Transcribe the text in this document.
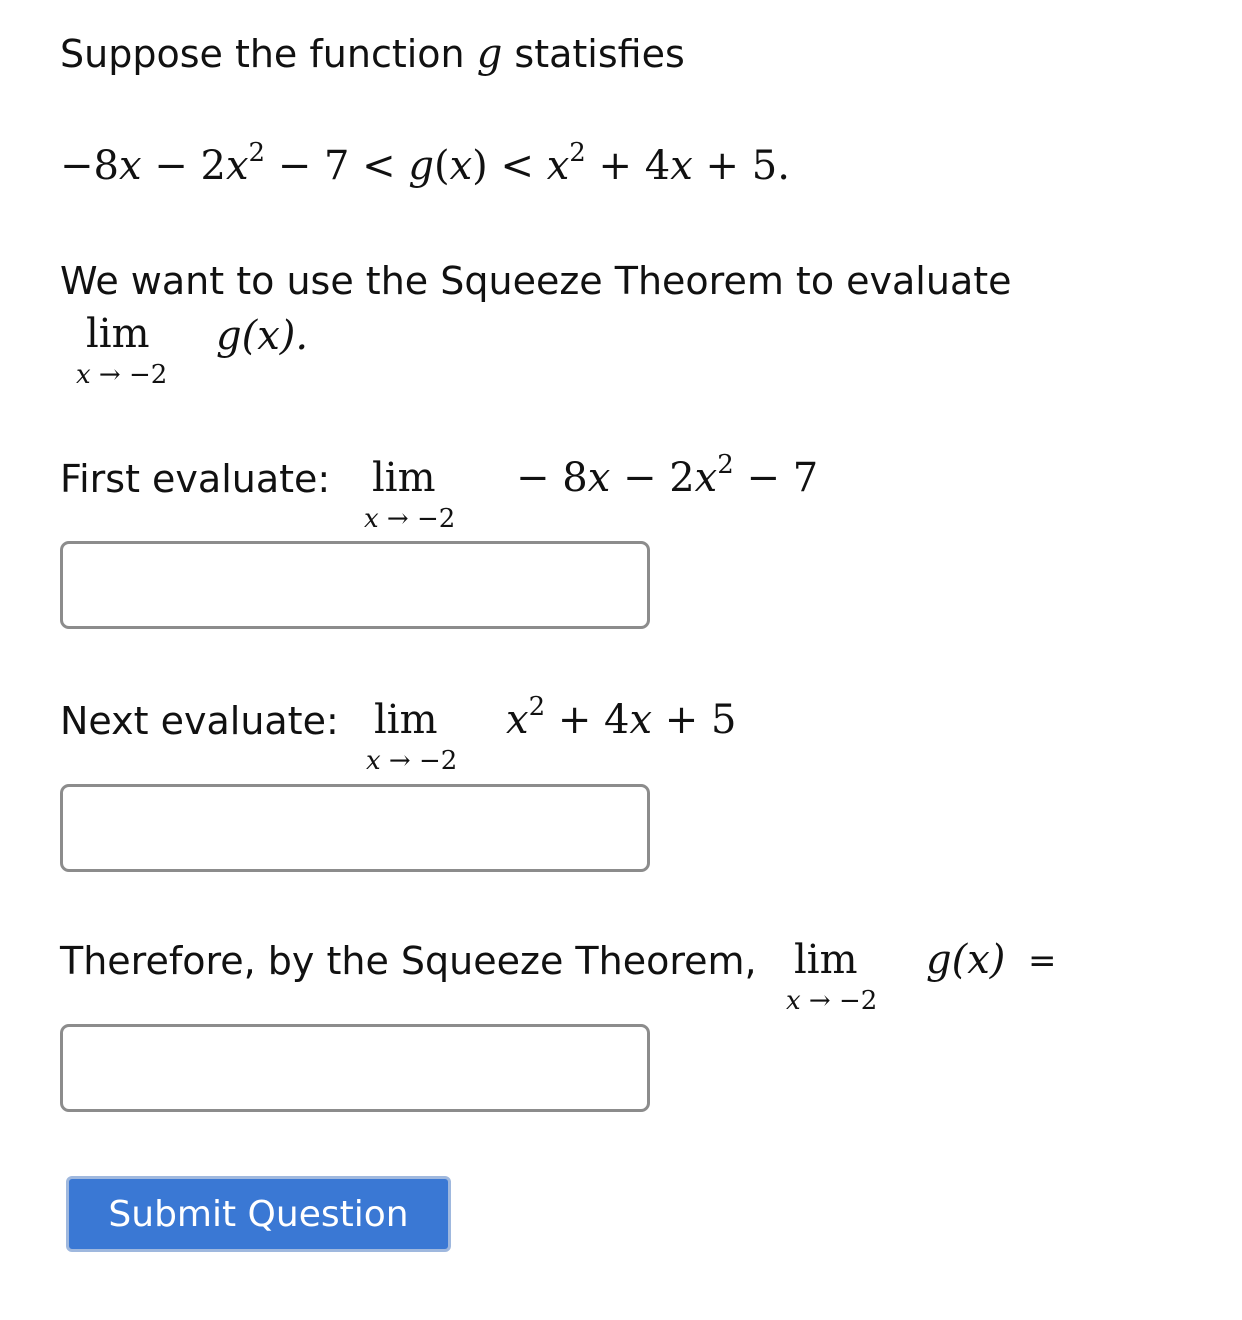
Suppose the function g statisfies
$-8x - 2x^2 - 7 < g(x) < x^2 + 4x + 5$.
We want to use the Squeeze Theorem to evaluate
lim
x → −2
g(x).
First evaluate: lim
x → −2
− $8x - 2x^2 - 7$
Next evaluate: lim
x → −2
$x^2 + 4x + 5$
Therefore, by the Squeeze Theorem, lim
x → −2
g(x) =
Submit Question
